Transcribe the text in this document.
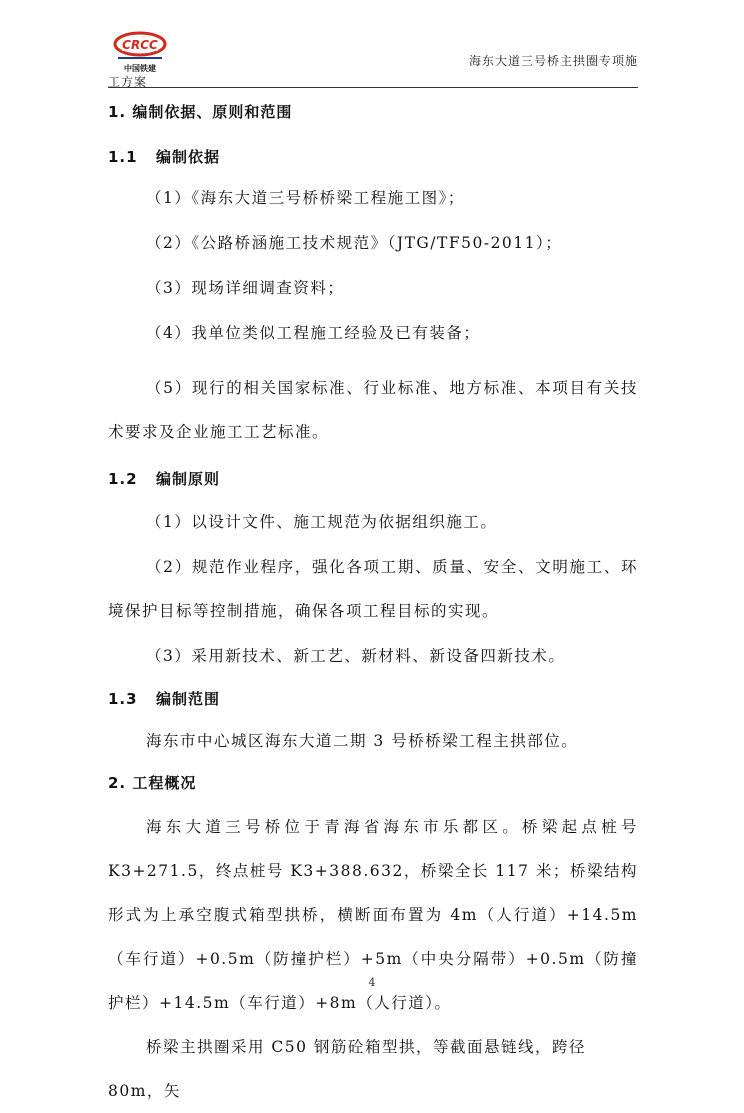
CRCC
中国铁建
海东大道三号桥主拱圈专项施
工方案
1. 编制依据、原则和范围
1.1 编制依据

（1）《海东大道三号桥桥梁工程施工图》；

（2）《公路桥涵施工技术规范》（JTG/TF50-2011）；

（3）现场详细调查资料；

（4）我单位类似工程施工经验及已有装备；

（5）现行的相关国家标准、行业标准、地方标准、本项目有关技术要求及企业施工工艺标准。

1.2 编制原则

（1）以设计文件、施工规范为依据组织施工。

（2）规范作业程序，强化各项工期、质量、安全、文明施工、环境保护目标等控制措施，确保各项工程目标的实现。

（3）采用新技术、新工艺、新材料、新设备四新技术。

1.3 编制范围

海东市中心城区海东大道二期 3 号桥桥梁工程主拱部位。

2. 工程概况

海东大道三号桥位于青海省海东市乐都区。桥梁起点桩号 K3+271.5，终点桩号 K3+388.632，桥梁全长 117 米；桥梁结构形式为上承空腹式箱型拱桥，横断面布置为 4m（人行道）+14.5m（车行道）+0.5m（防撞护栏）+5m（中央分隔带）+0.5m（防撞护栏）+14.5m（车行道）+8m（人行道）。

桥梁主拱圈采用 C50 钢筋砼箱型拱，等截面悬链线，跨径 80m，矢

4
